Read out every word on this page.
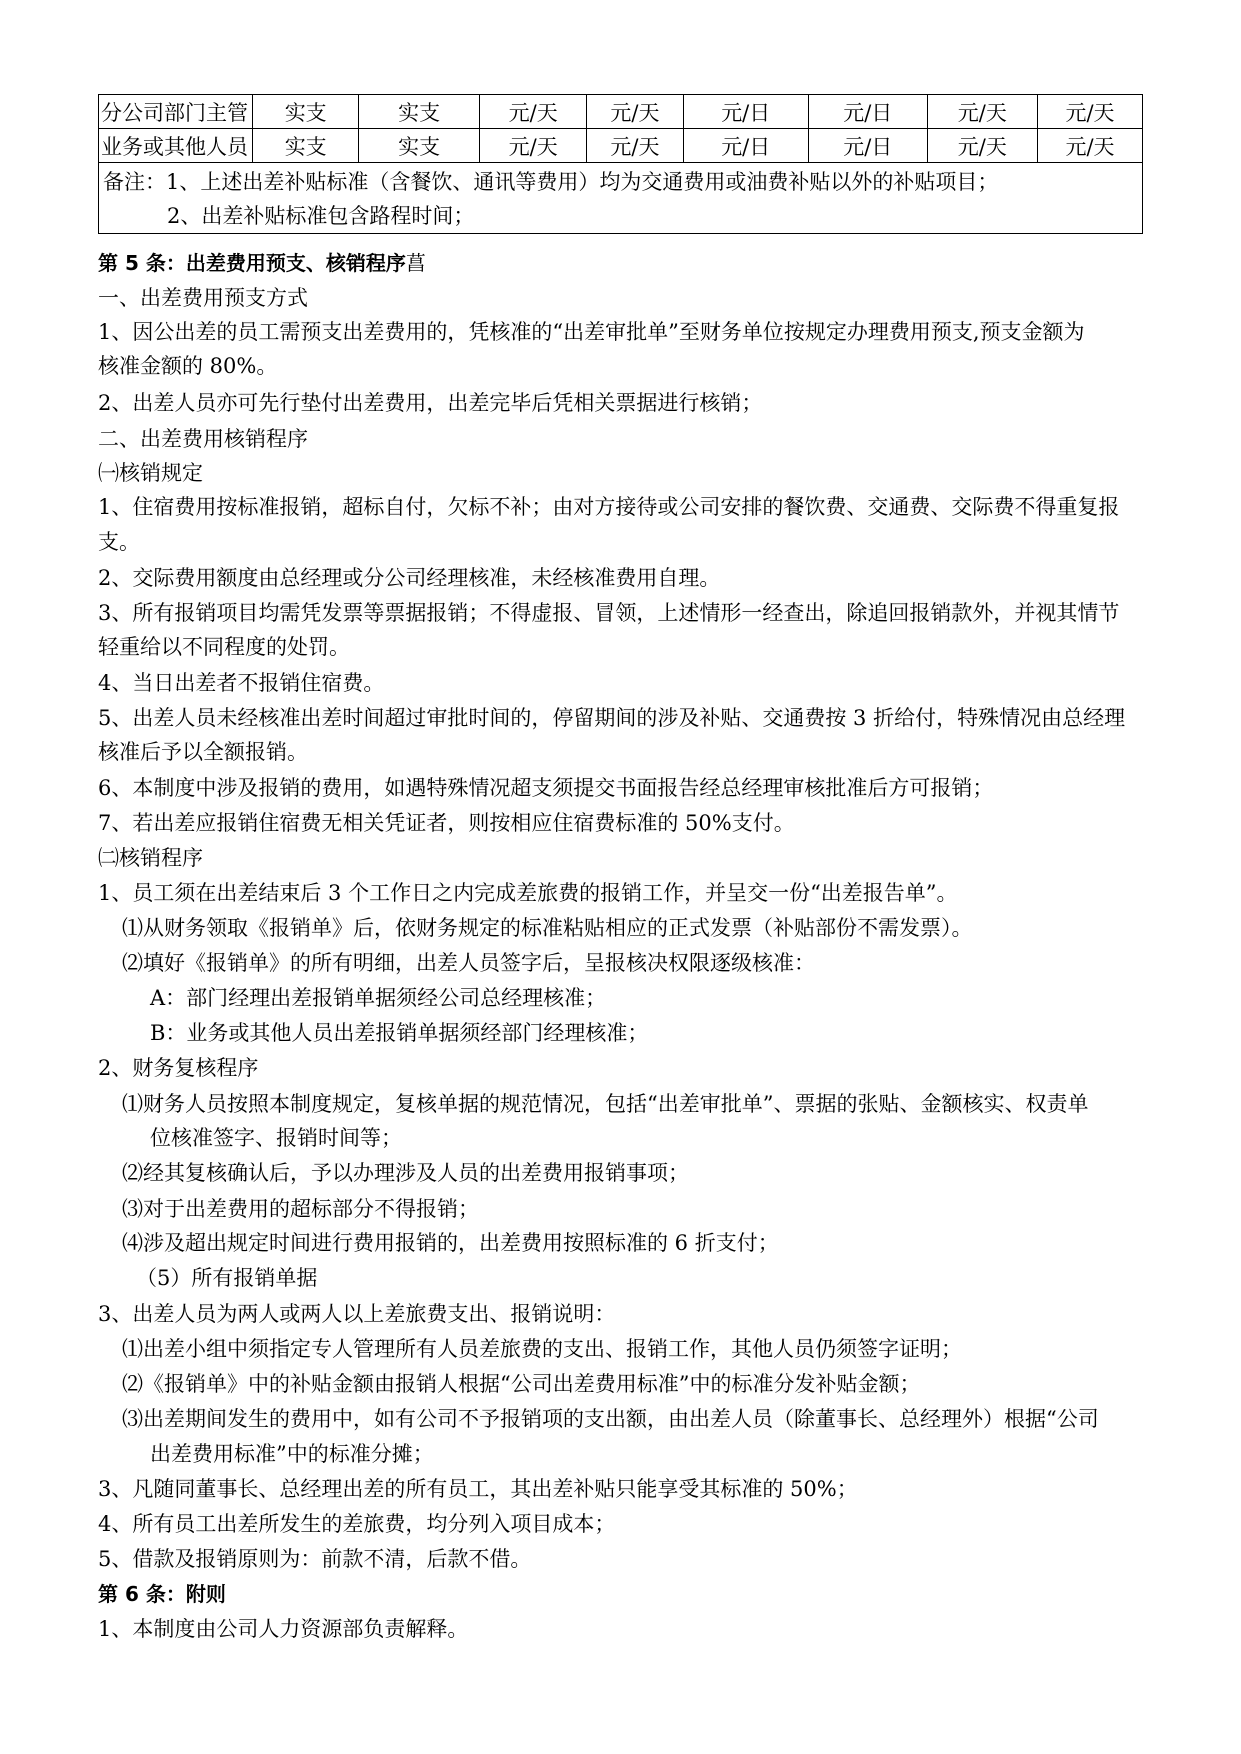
分公司部门主管	实支	实支	元/天	元/天	元/日	元/日	元/天	元/天
业务或其他人员	实支	实支	元/天	元/天	元/日	元/日	元/天	元/天

备注：1、上述出差补贴标准（含餐饮、通讯等费用）均为交通费用或油费补贴以外的补贴项目；
2、出差补贴标准包含路程时间；								
第 5 条：出差费用预支、核销程序菖
一、出差费用预支方式
1、因公出差的员工需预支出差费用的，凭核准的“出差审批单”至财务单位按规定办理费用预支,预支金额为
核准金额的 80%。
2、出差人员亦可先行垫付出差费用，出差完毕后凭相关票据进行核销；
二、出差费用核销程序
㈠核销规定
1、住宿费用按标准报销，超标自付，欠标不补；由对方接待或公司安排的餐饮费、交通费、交际费不得重复报
支。
2、交际费用额度由总经理或分公司经理核准，未经核准费用自理。
3、所有报销项目均需凭发票等票据报销；不得虚报、冒领，上述情形一经查出，除追回报销款外，并视其情节
轻重给以不同程度的处罚。
4、当日出差者不报销住宿费。
5、出差人员未经核准出差时间超过审批时间的，停留期间的涉及补贴、交通费按 3 折给付，特殊情况由总经理
核准后予以全额报销。
6、本制度中涉及报销的费用，如遇特殊情况超支须提交书面报告经总经理审核批准后方可报销；
7、若出差应报销住宿费无相关凭证者，则按相应住宿费标准的 50%支付。
㈡核销程序
1、员工须在出差结束后 3 个工作日之内完成差旅费的报销工作，并呈交一份“出差报告单”。
⑴从财务领取《报销单》后，依财务规定的标准粘贴相应的正式发票（补贴部份不需发票）。
⑵填好《报销单》的所有明细，出差人员签字后，呈报核决权限逐级核准：
A：部门经理出差报销单据须经公司总经理核准；
B：业务或其他人员出差报销单据须经部门经理核准；
2、财务复核程序
⑴财务人员按照本制度规定，复核单据的规范情况，包括“出差审批单”、票据的张贴、金额核实、权责单
位核准签字、报销时间等；
⑵经其复核确认后，予以办理涉及人员的出差费用报销事项；
⑶对于出差费用的超标部分不得报销；
⑷涉及超出规定时间进行费用报销的，出差费用按照标准的 6 折支付；
（5）所有报销单据
3、出差人员为两人或两人以上差旅费支出、报销说明：
⑴出差小组中须指定专人管理所有人员差旅费的支出、报销工作，其他人员仍须签字证明；
⑵《报销单》中的补贴金额由报销人根据“公司出差费用标准”中的标准分发补贴金额；
⑶出差期间发生的费用中，如有公司不予报销项的支出额，由出差人员（除董事长、总经理外）根据“公司
出差费用标准”中的标准分摊；
3、凡随同董事长、总经理出差的所有员工，其出差补贴只能享受其标准的 50%；
4、所有员工出差所发生的差旅费，均分列入项目成本；
5、借款及报销原则为：前款不清，后款不借。
第 6 条：附则
1、本制度由公司人力资源部负责解释。
